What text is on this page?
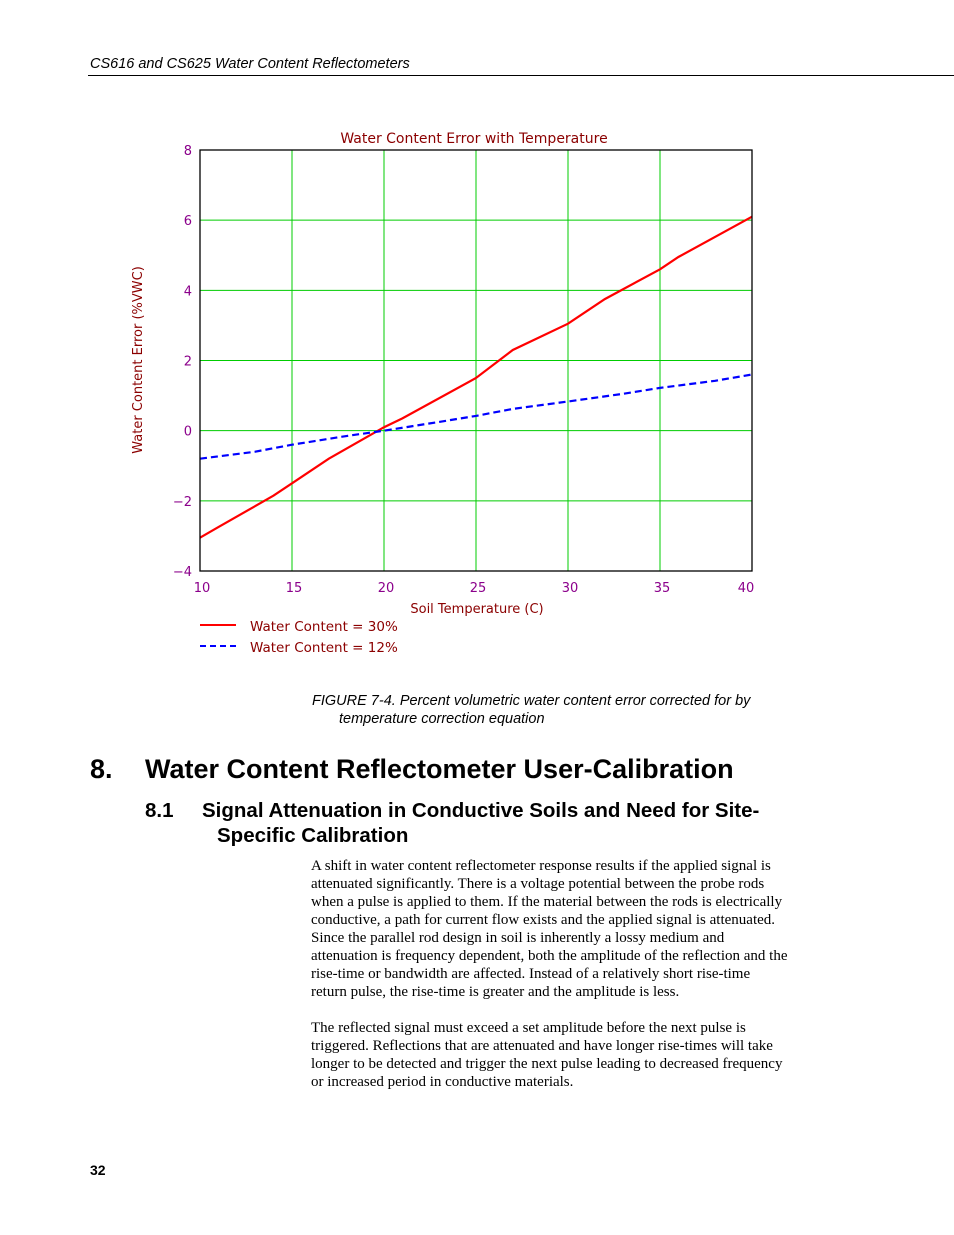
CS616 and CS625 Water Content Reflectometers
10	15	20	25	30	35	40
−4
−2
0
2
4
6
8
Water Content Error with Temperature
Soil Temperature (C)
Water Content Error (%VWC)
Water Content = 30%
Water Content = 12%
FIGURE 7-4. Percent volumetric water content error corrected for by
temperature correction equation
8. Water Content Reflectometer User-Calibration
8.1 Signal Attenuation in Conductive Soils and Need for Site-
Specific Calibration
A shift in water content reflectometer response results if the applied signal is
attenuated significantly. There is a voltage potential between the probe rods
when a pulse is applied to them. If the material between the rods is electrically
conductive, a path for current flow exists and the applied signal is attenuated.
Since the parallel rod design in soil is inherently a lossy medium and
attenuation is frequency dependent, both the amplitude of the reflection and the
rise-time or bandwidth are affected. Instead of a relatively short rise-time
return pulse, the rise-time is greater and the amplitude is less.
The reflected signal must exceed a set amplitude before the next pulse is
triggered. Reflections that are attenuated and have longer rise-times will take
longer to be detected and trigger the next pulse leading to decreased frequency
or increased period in conductive materials.
32
